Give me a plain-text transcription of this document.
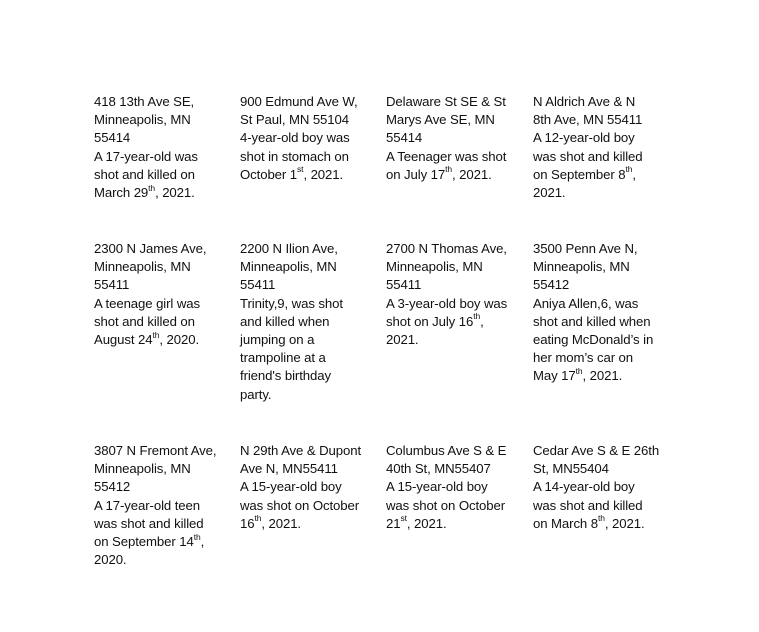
418 13th Ave SE,
Minneapolis, MN
55414
A 17-year-old was
shot and killed on
March 29th, 2021.
900 Edmund Ave W,
St Paul, MN 55104
4-year-old boy was
shot in stomach on
October 1st, 2021.
Delaware St SE & St
Marys Ave SE, MN
55414
A Teenager was shot
on July 17th, 2021.
N Aldrich Ave & N
8th Ave, MN 55411
A 12-year-old boy
was shot and killed
on September 8th,
2021.
2300 N James Ave,
Minneapolis, MN
55411
A teenage girl was
shot and killed on
August 24th, 2020.
2200 N Ilion Ave,
Minneapolis, MN
55411
Trinity,9, was shot
and killed when
jumping on a
trampoline at a
friend's birthday
party.
2700 N Thomas Ave,
Minneapolis, MN
55411
A 3-year-old boy was
shot on July 16th,
2021.
3500 Penn Ave N,
Minneapolis, MN
55412
Aniya Allen,6, was
shot and killed when
eating McDonald’s in
her mom’s car on
May 17th, 2021.
3807 N Fremont Ave,
Minneapolis, MN
55412
A 17-year-old teen
was shot and killed
on September 14th,
2020.
N 29th Ave & Dupont
Ave N, MN55411
A 15-year-old boy
was shot on October
16th, 2021.
Columbus Ave S & E
40th St, MN55407
A 15-year-old boy
was shot on October
21st, 2021.
Cedar Ave S & E 26th
St, MN55404
A 14-year-old boy
was shot and killed
on March 8th, 2021.
